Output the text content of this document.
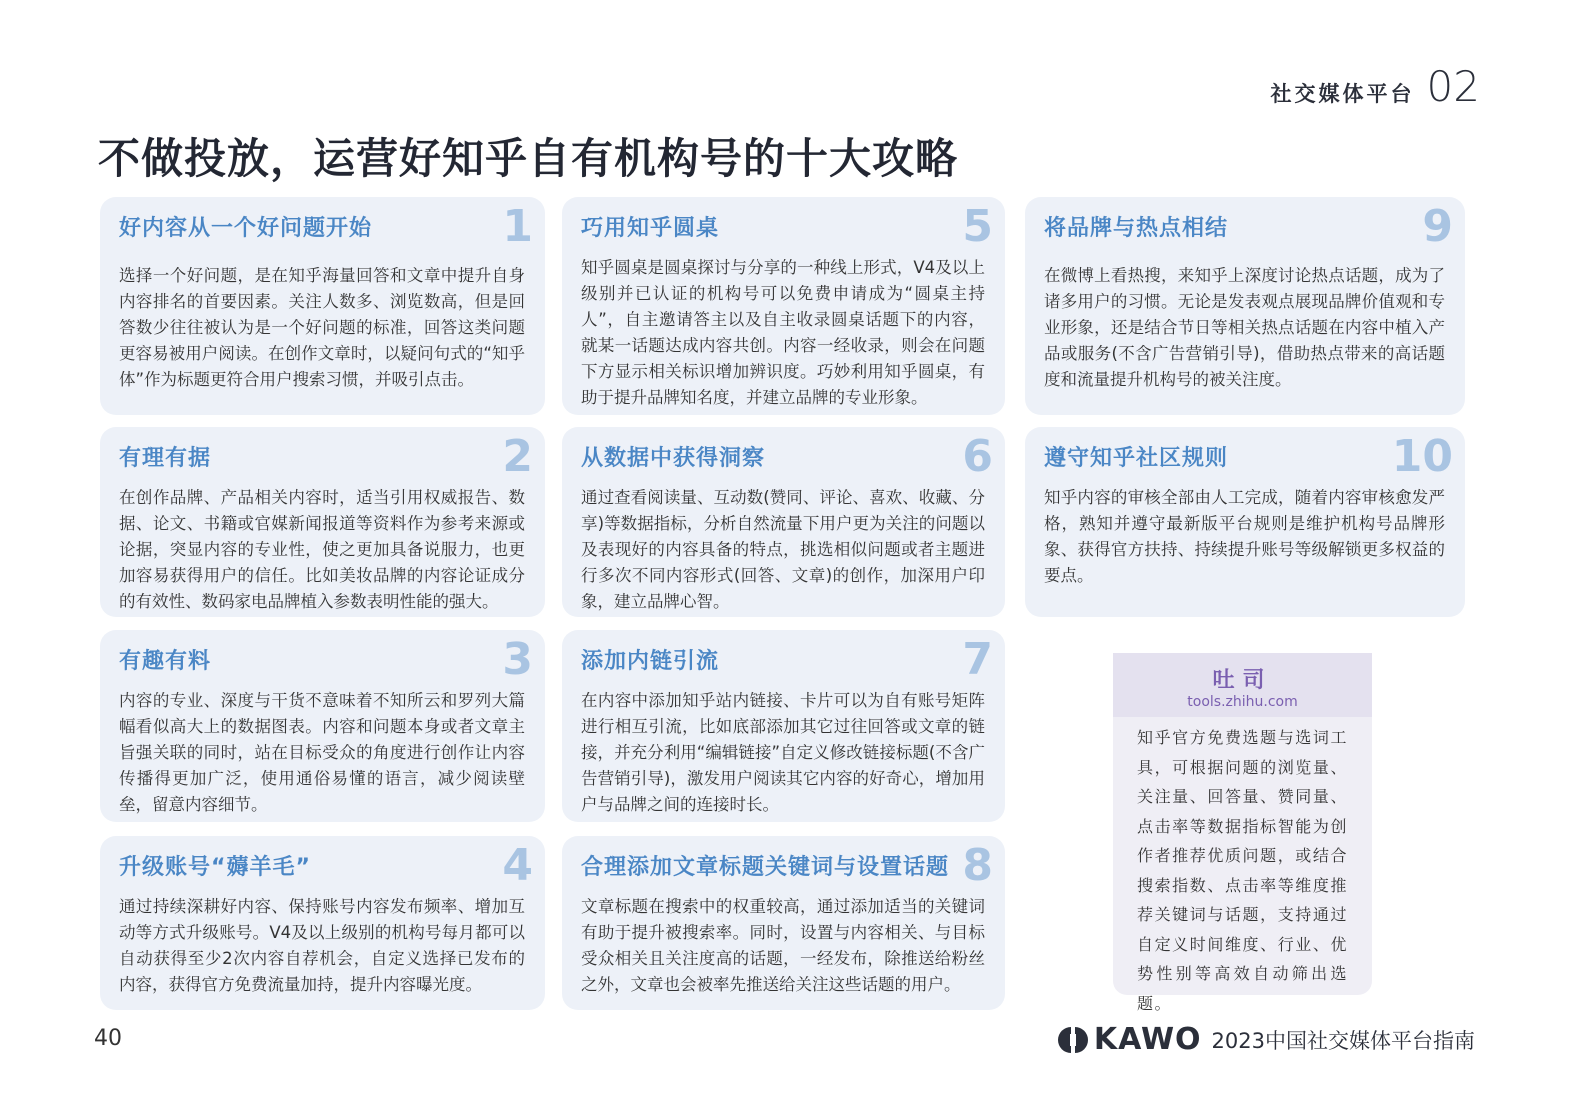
社交媒体平台 02
不做投放，运营好知乎自有机构号的十大攻略
1
好内容从一个好问题开始
选择一个好问题，是在知乎海量回答和文章中提升自身内容排名的首要因素。关注人数多、浏览数高，但是回答数少往往被认为是一个好问题的标准，回答这类问题更容易被用户阅读。在创作文章时，以疑问句式的“知乎体”作为标题更符合用户搜索习惯，并吸引点击。
2
有理有据
在创作品牌、产品相关内容时，适当引用权威报告、数据、论文、书籍或官媒新闻报道等资料作为参考来源或论据，突显内容的专业性，使之更加具备说服力，也更加容易获得用户的信任。比如美妆品牌的内容论证成分的有效性、数码家电品牌植入参数表明性能的强大。
3
有趣有料
内容的专业、深度与干货不意味着不知所云和罗列大篇幅看似高大上的数据图表。内容和问题本身或者文章主旨强关联的同时，站在目标受众的角度进行创作让内容传播得更加广泛，使用通俗易懂的语言，减少阅读壁垒，留意内容细节。
4
升级账号“薅羊毛”
通过持续深耕好内容、保持账号内容发布频率、增加互动等方式升级账号。V4及以上级别的机构号每月都可以自动获得至少2次内容自荐机会，自定义选择已发布的内容，获得官方免费流量加持，提升内容曝光度。
5
巧用知乎圆桌
知乎圆桌是圆桌探讨与分享的一种线上形式，V4及以上级别并已认证的机构号可以免费申请成为“圆桌主持人”，自主邀请答主以及自主收录圆桌话题下的内容，就某一话题达成内容共创。内容一经收录，则会在问题下方显示相关标识增加辨识度。巧妙利用知乎圆桌，有助于提升品牌知名度，并建立品牌的专业形象。
6
从数据中获得洞察
通过查看阅读量、互动数(赞同、评论、喜欢、收藏、分享)等数据指标，分析自然流量下用户更为关注的问题以及表现好的内容具备的特点，挑选相似问题或者主题进行多次不同内容形式(回答、文章)的创作，加深用户印象，建立品牌心智。
7
添加内链引流
在内容中添加知乎站内链接、卡片可以为自有账号矩阵进行相互引流，比如底部添加其它过往回答或文章的链接，并充分利用“编辑链接”自定义修改链接标题(不含广告营销引导)，激发用户阅读其它内容的好奇心，增加用户与品牌之间的连接时长。
8
合理添加文章标题关键词与设置话题
文章标题在搜索中的权重较高，通过添加适当的关键词有助于提升被搜索率。同时，设置与内容相关、与目标受众相关且关注度高的话题，一经发布，除推送给粉丝之外，文章也会被率先推送给关注这些话题的用户。
9
将品牌与热点相结
在微博上看热搜，来知乎上深度讨论热点话题，成为了诸多用户的习惯。无论是发表观点展现品牌价值观和专业形象，还是结合节日等相关热点话题在内容中植入产品或服务(不含广告营销引导)，借助热点带来的高话题度和流量提升机构号的被关注度。
10
遵守知乎社区规则
知乎内容的审核全部由人工完成，随着内容审核愈发严格，熟知并遵守最新版平台规则是维护机构号品牌形象、获得官方扶持、持续提升账号等级解锁更多权益的要点。
吐司
tools.zhihu.com
知乎官方免费选题与选词工具，可根据问题的浏览量、关注量、回答量、赞同量、点击率等数据指标智能为创作者推荐优质问题，或结合搜索指数、点击率等维度推荐关键词与话题，支持通过自定义时间维度、行业、优势性别等高效自动筛出选题。
40	KAWO 2023中国社交媒体平台指南
